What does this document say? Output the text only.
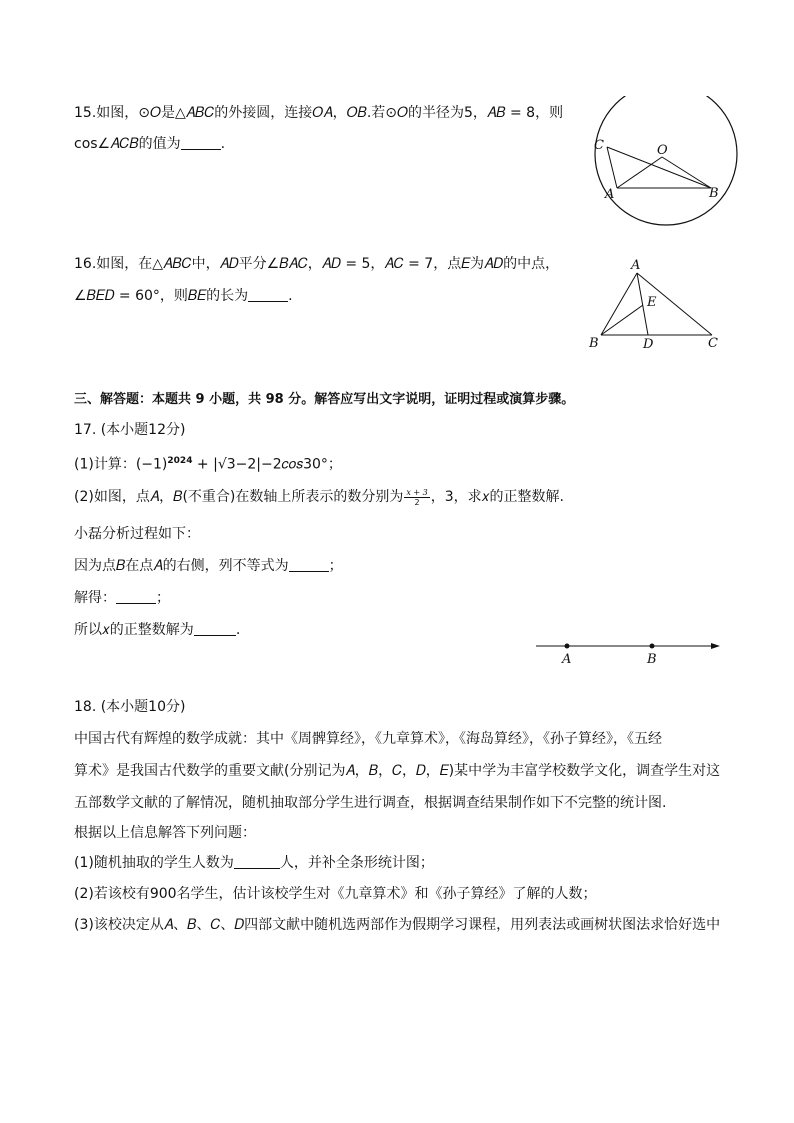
15.如图，⊙𝑂是△𝐴𝐵𝐶的外接圆，连接𝑂𝐴，𝑂𝐵.若⊙𝑂的半径为5，𝐴𝐵 = 8，则
cos∠𝐴𝐶𝐵的值为	.	C	O
A	B
16.如图，在△𝐴𝐵𝐶中，𝐴𝐷平分∠𝐵𝐴𝐶，𝐴𝐷 = 5，𝐴𝐶 = 7，点𝐸为𝐴𝐷的中点，
∠𝐵𝐸𝐷 = 60°，则𝐵𝐸的长为	.
A
E
B	D	C
三、解答题：本题共 9 小题，共 98 分。解答应写出文字说明，证明过程或演算步骤。
17. (本小题12分)
(1)计算：$(-1)^{2024}$ + |√3−2|−2𝑐𝑜𝑠30°；
(2)如图，点𝐴，𝐵(不重合)在数轴上所表示的数分别为 $\frac{x + 3}{2}$ ，3，求𝑥的正整数解.
小磊分析过程如下：
因为点𝐵在点𝐴的右侧，列不等式为	；
解得：	；
所以𝑥的正整数解为	.
A	B
18. (本小题10分)
中国古代有辉煌的数学成就：其中《周髀算经》，《九章算术》，《海岛算经》，《孙子算经》，《五经
算术》是我国古代数学的重要文献(分别记为𝐴，𝐵，𝐶，𝐷，𝐸)某中学为丰富学校数学文化，调查学生对这
五部数学文献的了解情况，随机抽取部分学生进行调查，根据调查结果制作如下不完整的统计图.
根据以上信息解答下列问题：
(1)随机抽取的学生人数为	人，并补全条形统计图；
(2)若该校有900名学生，估计该校学生对《九章算术》和《孙子算经》了解的人数；
(3)该校决定从𝐴、𝐵、𝐶、𝐷四部文献中随机选两部作为假期学习课程，用列表法或画树状图法求恰好选中
